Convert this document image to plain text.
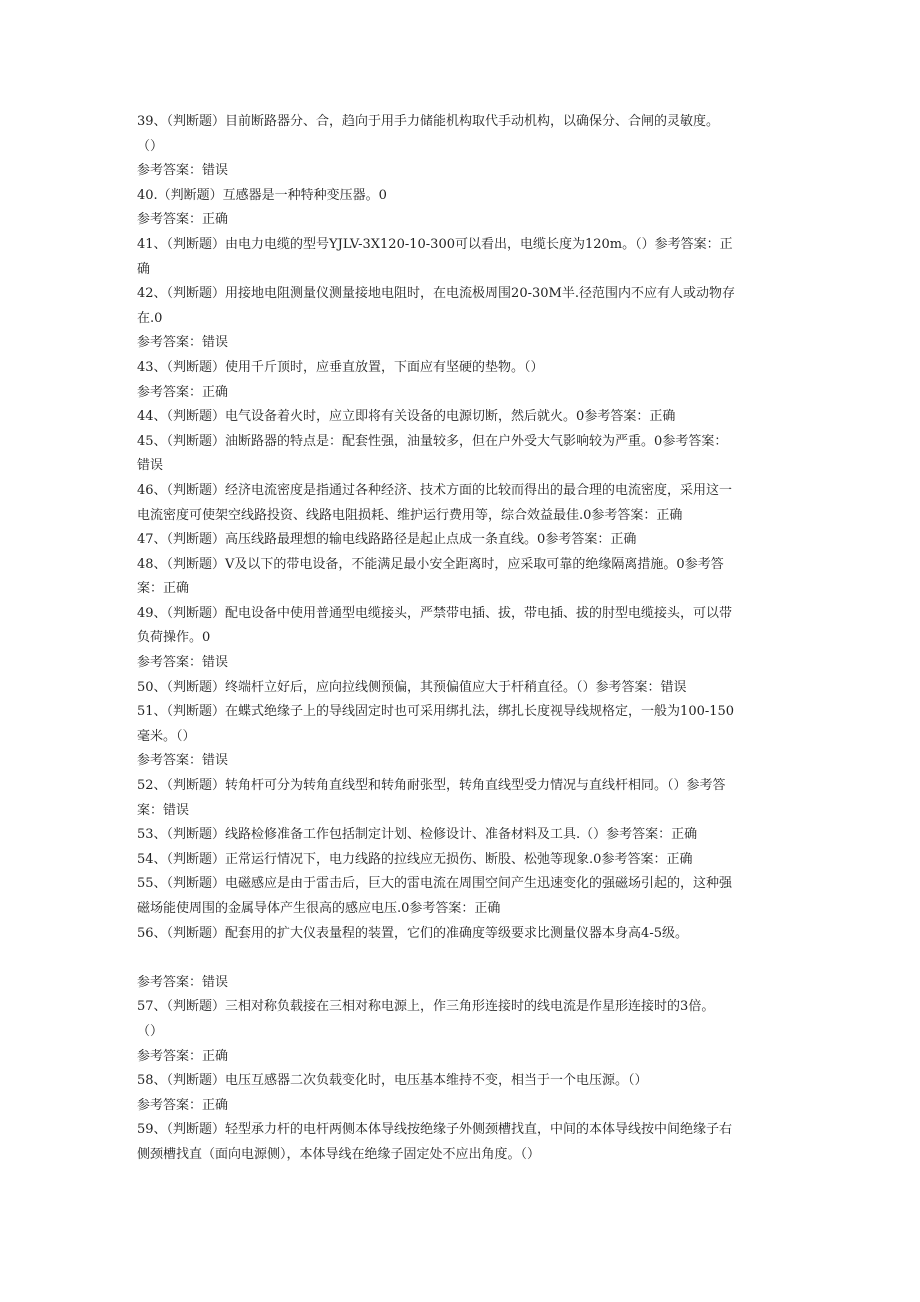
39、（判断题）目前断路器分、合，趋向于用手力储能机构取代手动机构，以确保分、合闸的灵敏度。
（）
参考答案：错误
40.（判断题）互感器是一种特种变压器。0
参考答案：正确
41、（判断题）由电力电缆的型号YJLV-3X120-10-300可以看出，电缆长度为120m。（）参考答案：正
确
42、（判断题）用接地电阻测量仪测量接地电阻时，在电流极周围20-30M半.径范围内不应有人或动物存
在.0
参考答案：错误
43、（判断题）使用千斤顶时，应垂直放置，下面应有坚硬的垫物。（）
参考答案：正确
44、（判断题）电气设备着火时，应立即将有关设备的电源切断，然后就火。0参考答案：正确
45、（判断题）油断路器的特点是：配套性强，油量较多，但在户外受大气影响较为严重。0参考答案：
错误
46、（判断题）经济电流密度是指通过各种经济、技术方面的比较而得出的最合理的电流密度，采用这一
电流密度可使架空线路投资、线路电阻损耗、维护运行费用等，综合效益最佳.0参考答案：正确
47、（判断题）高压线路最理想的输电线路路径是起止点成一条直线。0参考答案：正确
48、（判断题）V及以下的带电设备，不能满足最小安全距离时，应采取可靠的绝缘隔离措施。0参考答
案：正确
49、（判断题）配电设备中使用普通型电缆接头，严禁带电插、拔，带电插、拔的肘型电缆接头，可以带
负荷操作。0
参考答案：错误
50、（判断题）终端杆立好后，应向拉线侧预偏，其预偏值应大于杆稍直径。（）参考答案：错误
51、（判断题）在蝶式绝缘子上的导线固定时也可采用绑扎法，绑扎长度视导线规格定，一般为100-150
毫米。（）
参考答案：错误
52、（判断题）转角杆可分为转角直线型和转角耐张型，转角直线型受力情况与直线杆相同。（）参考答
案：错误
53、（判断题）线路检修准备工作包括制定计划、检修设计、准备材料及工具.（）参考答案：正确
54、（判断题）正常运行情况下，电力线路的拉线应无损伤、断股、松弛等现象.0参考答案：正确
55、（判断题）电磁感应是由于雷击后，巨大的雷电流在周围空间产生迅速变化的强磁场引起的，这种强
磁场能使周围的金属导体产生很高的感应电压.0参考答案：正确
56、（判断题）配套用的扩大仪表量程的装置，它们的准确度等级要求比测量仪器本身高4-5级。
参考答案：错误
57、（判断题）三相对称负载接在三相对称电源上，作三角形连接时的线电流是作星形连接时的3倍。
（）
参考答案：正确
58、（判断题）电压互感器二次负载变化时，电压基本维持不变，相当于一个电压源。（）
参考答案：正确
59、（判断题）轻型承力杆的电杆两侧本体导线按绝缘子外侧颈槽找直，中间的本体导线按中间绝缘子右
侧颈槽找直（面向电源侧），本体导线在绝缘子固定处不应出角度。（）
